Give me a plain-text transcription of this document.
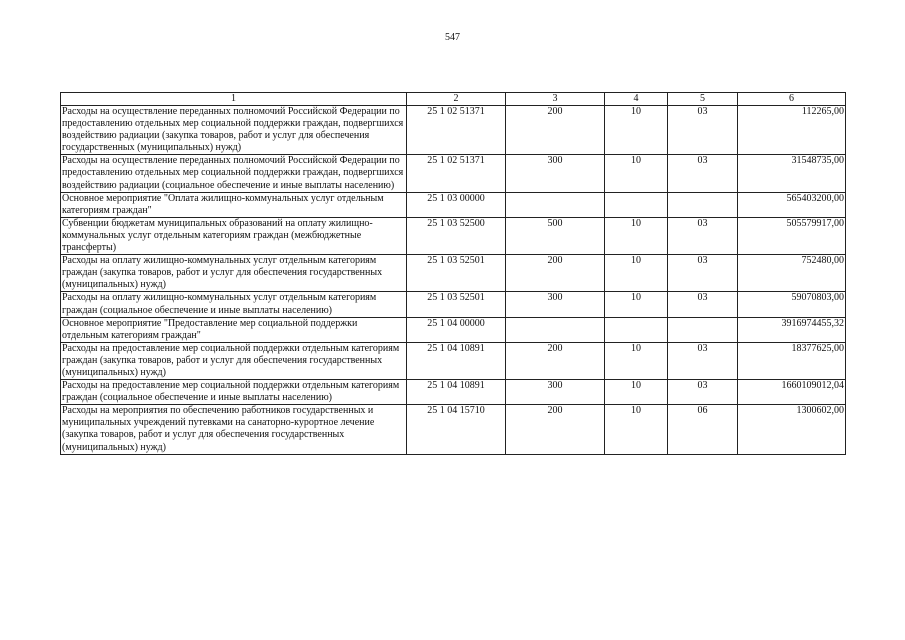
547
1	2	3	4	5	6
Расходы на осуществление переданных полномочий Российской Федерации по предоставлению отдельных мер социальной поддержки граждан, подвергшихся воздействию радиации (закупка товаров, работ и услуг для обеспечения государственных (муниципальных) нужд)	25 1 02 51371	200	10	03	112265,00
Расходы на осуществление переданных полномочий Российской Федерации по предоставлению отдельных мер социальной поддержки граждан, подвергшихся воздействию радиации (социальное обеспечение и иные выплаты населению)	25 1 02 51371	300	10	03	31548735,00
Основное мероприятие "Оплата жилищно-коммунальных услуг отдельным категориям граждан"	25 1 03 00000				565403200,00
Субвенции бюджетам муниципальных образований на оплату жилищно-коммунальных услуг отдельным категориям граждан (межбюджетные трансферты)	25 1 03 52500	500	10	03	505579917,00
Расходы на оплату жилищно-коммунальных услуг отдельным категориям граждан (закупка товаров, работ и услуг для обеспечения государственных (муниципальных) нужд)	25 1 03 52501	200	10	03	752480,00
Расходы на оплату жилищно-коммунальных услуг отдельным категориям граждан (социальное обеспечение и иные выплаты населению)	25 1 03 52501	300	10	03	59070803,00
Основное мероприятие "Предоставление мер социальной поддержки отдельным категориям граждан"	25 1 04 00000				3916974455,32
Расходы на предоставление мер социальной поддержки отдельным категориям граждан (закупка товаров, работ и услуг для обеспечения государственных (муниципальных) нужд)	25 1 04 10891	200	10	03	18377625,00
Расходы на предоставление мер социальной поддержки отдельным категориям граждан (социальное обеспечение и иные выплаты населению)	25 1 04 10891	300	10	03	1660109012,04
Расходы на мероприятия по обеспечению работников государственных и муниципальных учреждений путевками на санаторно-курортное лечение (закупка товаров, работ и услуг для обеспечения государственных (муниципальных) нужд)	25 1 04 15710	200	10	06	1300602,00
